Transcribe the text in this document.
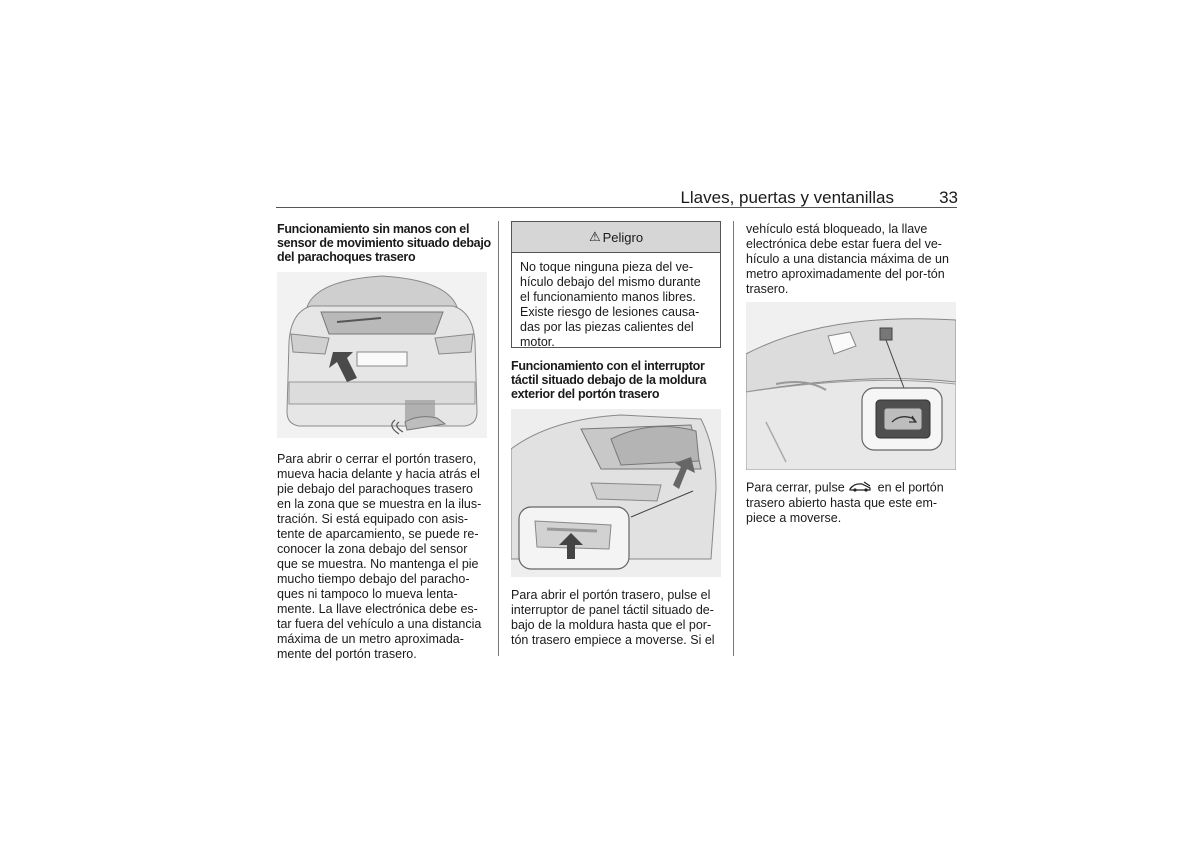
Llaves, puertas y ventanillas	33
Funcionamiento sin manos con el sensor de movimiento situado debajo del parachoques trasero
Para abrir o cerrar el portón trasero, mueva hacia delante y hacia atrás el pie debajo del parachoques trasero en la zona que se muestra en la ilus-tración. Si está equipado con asis-tente de aparcamiento, se puede re-conocer la zona debajo del sensor que se muestra. No mantenga el pie mucho tiempo debajo del paracho-ques ni tampoco lo mueva lenta-mente. La llave electrónica debe es-tar fuera del vehículo a una distancia máxima de un metro aproximada-mente del portón trasero.
⚠ Peligro
No toque ninguna pieza del ve-hículo debajo del mismo durante el funcionamiento manos libres. Existe riesgo de lesiones causa-das por las piezas calientes del motor.
Funcionamiento con el interruptor táctil situado debajo de la moldura exterior del portón trasero
Para abrir el portón trasero, pulse el interruptor de panel táctil situado de-bajo de la moldura hasta que el por-tón trasero empiece a moverse. Si el
vehículo está bloqueado, la llave electrónica debe estar fuera del ve-hículo a una distancia máxima de un metro aproximadamente del por-tón trasero.
Para cerrar, pulse	en el portón trasero abierto hasta que este em-piece a moverse.
